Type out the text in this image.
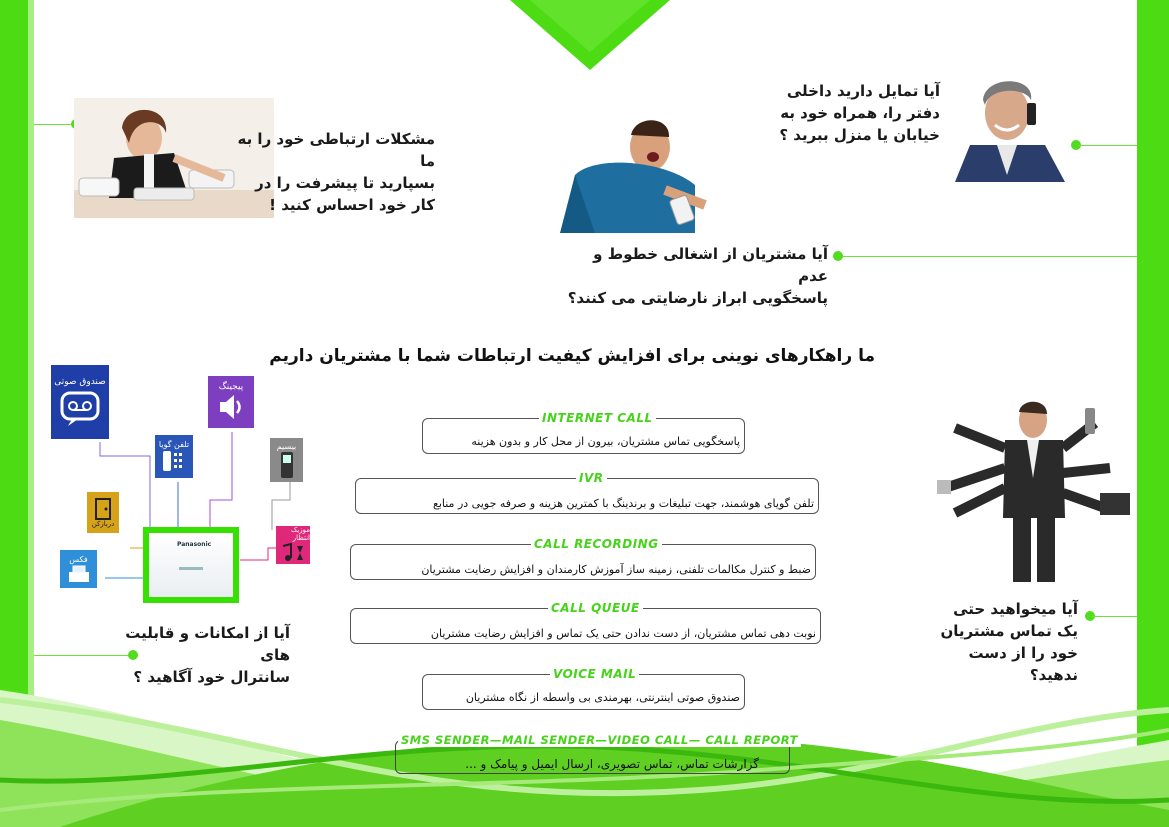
مشکلات ارتباطی خود را به ما
بسپارید تا پیشرفت را در
کار خود احساس کنید !
آیا مشتریان از اشغالی خطوط و عدم
پاسخگویی ابراز نارضایتی می کنند؟
آیا تمایل دارید داخلی
دفتر را، همراه خود به
خیابان یا منزل ببرید ؟
ما راهکارهای نوینی برای افزایش کیفیت ارتباطات شما با مشتریان داریم
INTERNET CALL
پاسخگویی تماس مشتریان، بیرون از محل کار و بدون هزینه
IVR
تلفن گویای هوشمند، جهت تبلیغات و برندینگ با کمترین هزینه و صرفه جویی در منابع
CALL RECORDING
ضبط و کنترل مکالمات تلفنی، زمینه ساز آموزش کارمندان و افزایش رضایت مشتریان
CALL QUEUE
نوبت دهی تماس مشتریان، از دست ندادن حتی یک تماس و افزایش رضایت مشتریان
VOICE MAIL
صندوق صوتی اینترنتی، بهرمندی بی واسطه از نگاه مشتریان
SMS SENDER—MAIL SENDER—VIDEO CALL— CALL REPORT
گزارشات تماس، تماس تصویری، ارسال ایمیل و پیامک و ...
صندوق صوتی	پیجینگ
تلفن گویا	بیسیم
دربازکن
فکس
موزیک انتظار
Panasonic
آیا از امکانات و قابلیت های
سانترال خود آگاهید ؟
آیا میخواهید حتی
یک تماس مشتریان
خود را از دست ندهید؟
